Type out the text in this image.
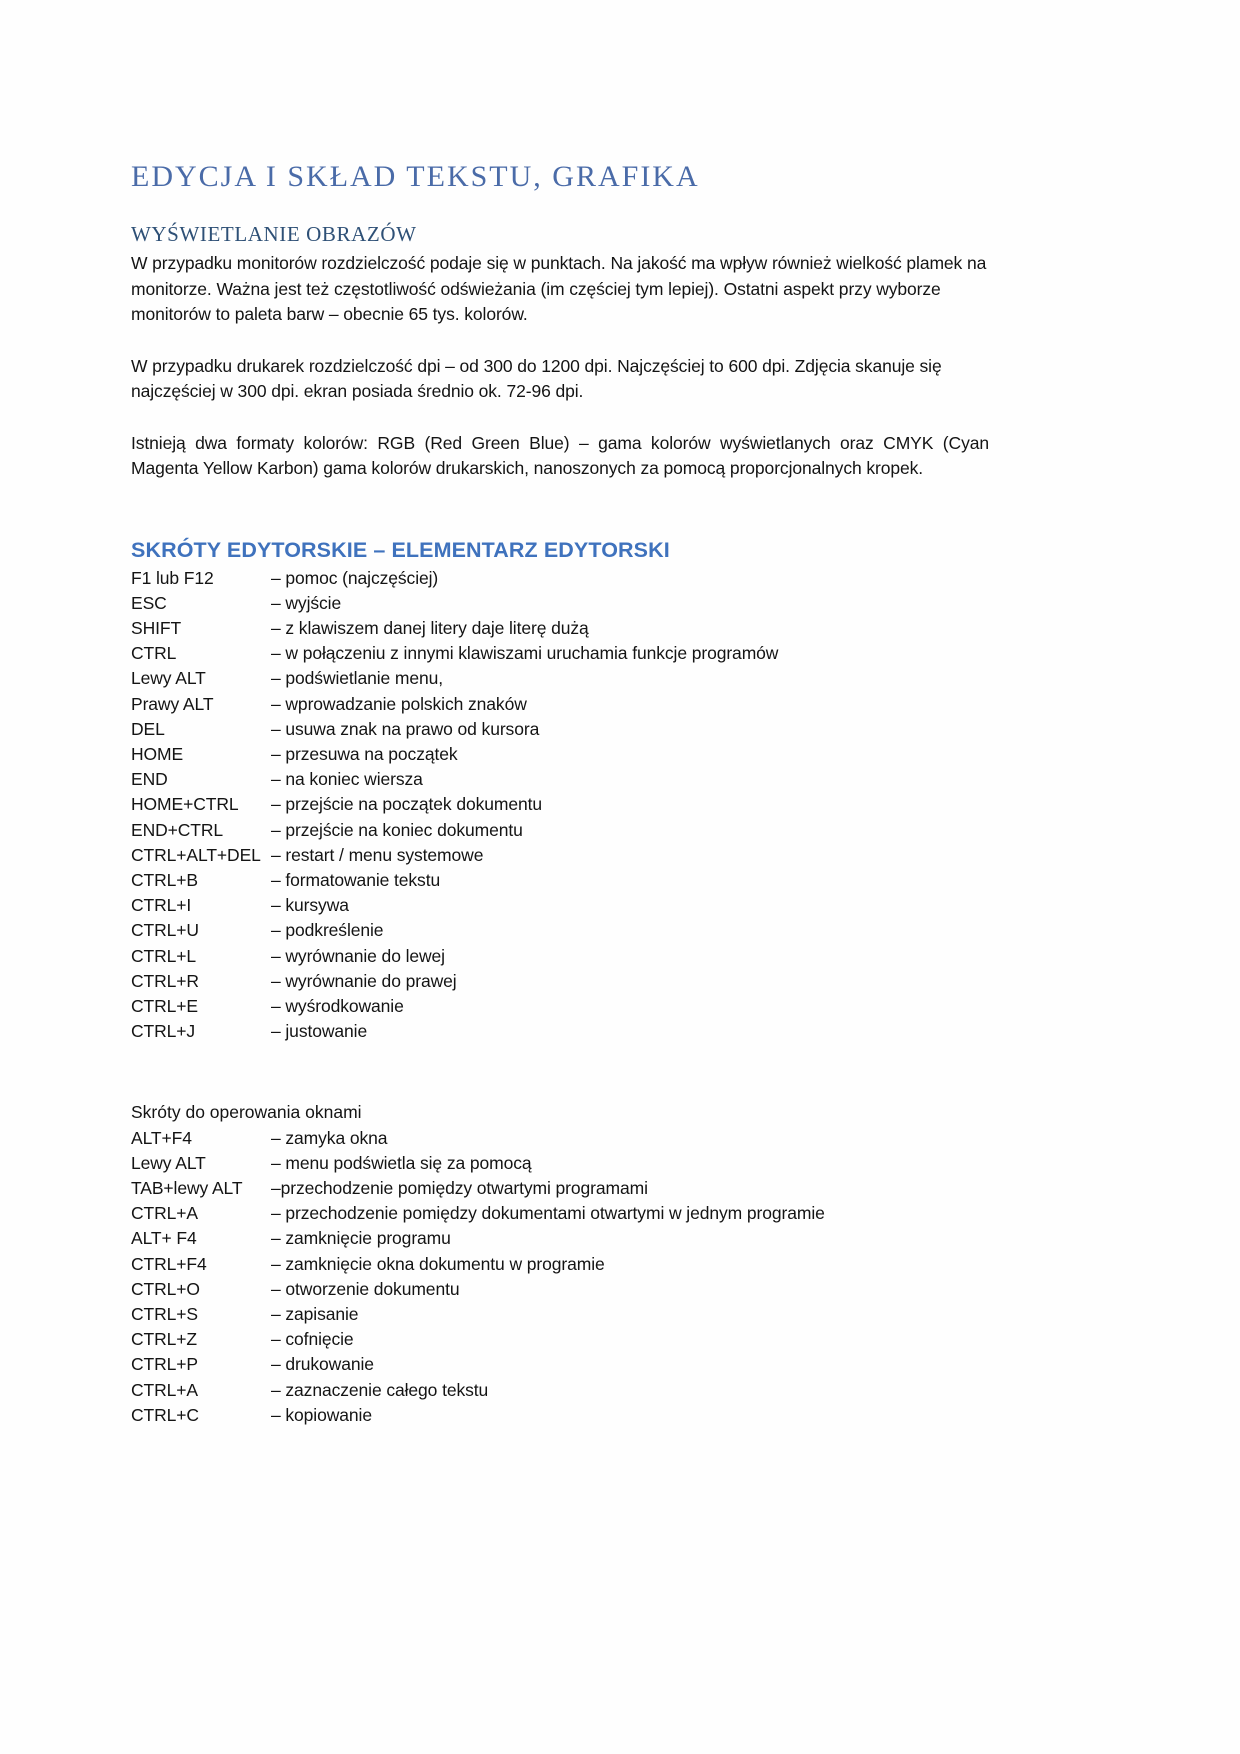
EDYCJA I SKŁAD TEKSTU, GRAFIKA
WYŚWIETLANIE OBRAZÓW

W przypadku monitorów rozdzielczość podaje się w punktach. Na jakość ma wpływ również wielkość plamek na monitorze. Ważna jest też częstotliwość odświeżania (im częściej tym lepiej). Ostatni aspekt przy wyborze monitorów to paleta barw – obecnie 65 tys. kolorów.

W przypadku drukarek rozdzielczość dpi – od 300 do 1200 dpi. Najczęściej to 600 dpi. Zdjęcia skanuje się najczęściej w 300 dpi. ekran posiada średnio ok. 72-96 dpi.

Istnieją dwa formaty kolorów: RGB (Red Green Blue) – gama kolorów wyświetlanych oraz CMYK (Cyan Magenta Yellow Karbon) gama kolorów drukarskich, nanoszonych za pomocą proporcjonalnych kropek.

SKRÓTY EDYTORSKIE – ELEMENTARZ EDYTORSKI
F1 lub F12	– pomoc (najczęściej)
ESC	– wyjście
SHIFT	– z klawiszem danej litery daje literę dużą
CTRL	– w połączeniu z innymi klawiszami uruchamia funkcje programów
Lewy ALT	– podświetlanie menu,
Prawy ALT	– wprowadzanie polskich znaków
DEL	– usuwa znak na prawo od kursora
HOME	– przesuwa na początek
END	– na koniec wiersza
HOME+CTRL	– przejście na początek dokumentu
END+CTRL	– przejście na koniec dokumentu
CTRL+ALT+DEL – restart / menu systemowe
CTRL+B	– formatowanie tekstu
CTRL+I	– kursywa
CTRL+U	– podkreślenie
CTRL+L	– wyrównanie do lewej
CTRL+R	– wyrównanie do prawej
CTRL+E	– wyśrodkowanie
CTRL+J	– justowanie

Skróty do operowania oknami

ALT+F4	– zamyka okna
Lewy ALT	– menu podświetla się za pomocą
TAB+lewy ALT	–przechodzenie pomiędzy otwartymi programami
CTRL+A	– przechodzenie pomiędzy dokumentami otwartymi w jednym programie
ALT+ F4	– zamknięcie programu
CTRL+F4	– zamknięcie okna dokumentu w programie
CTRL+O	– otworzenie dokumentu
CTRL+S	– zapisanie
CTRL+Z	– cofnięcie
CTRL+P	– drukowanie
CTRL+A	– zaznaczenie całego tekstu
CTRL+C	– kopiowanie
